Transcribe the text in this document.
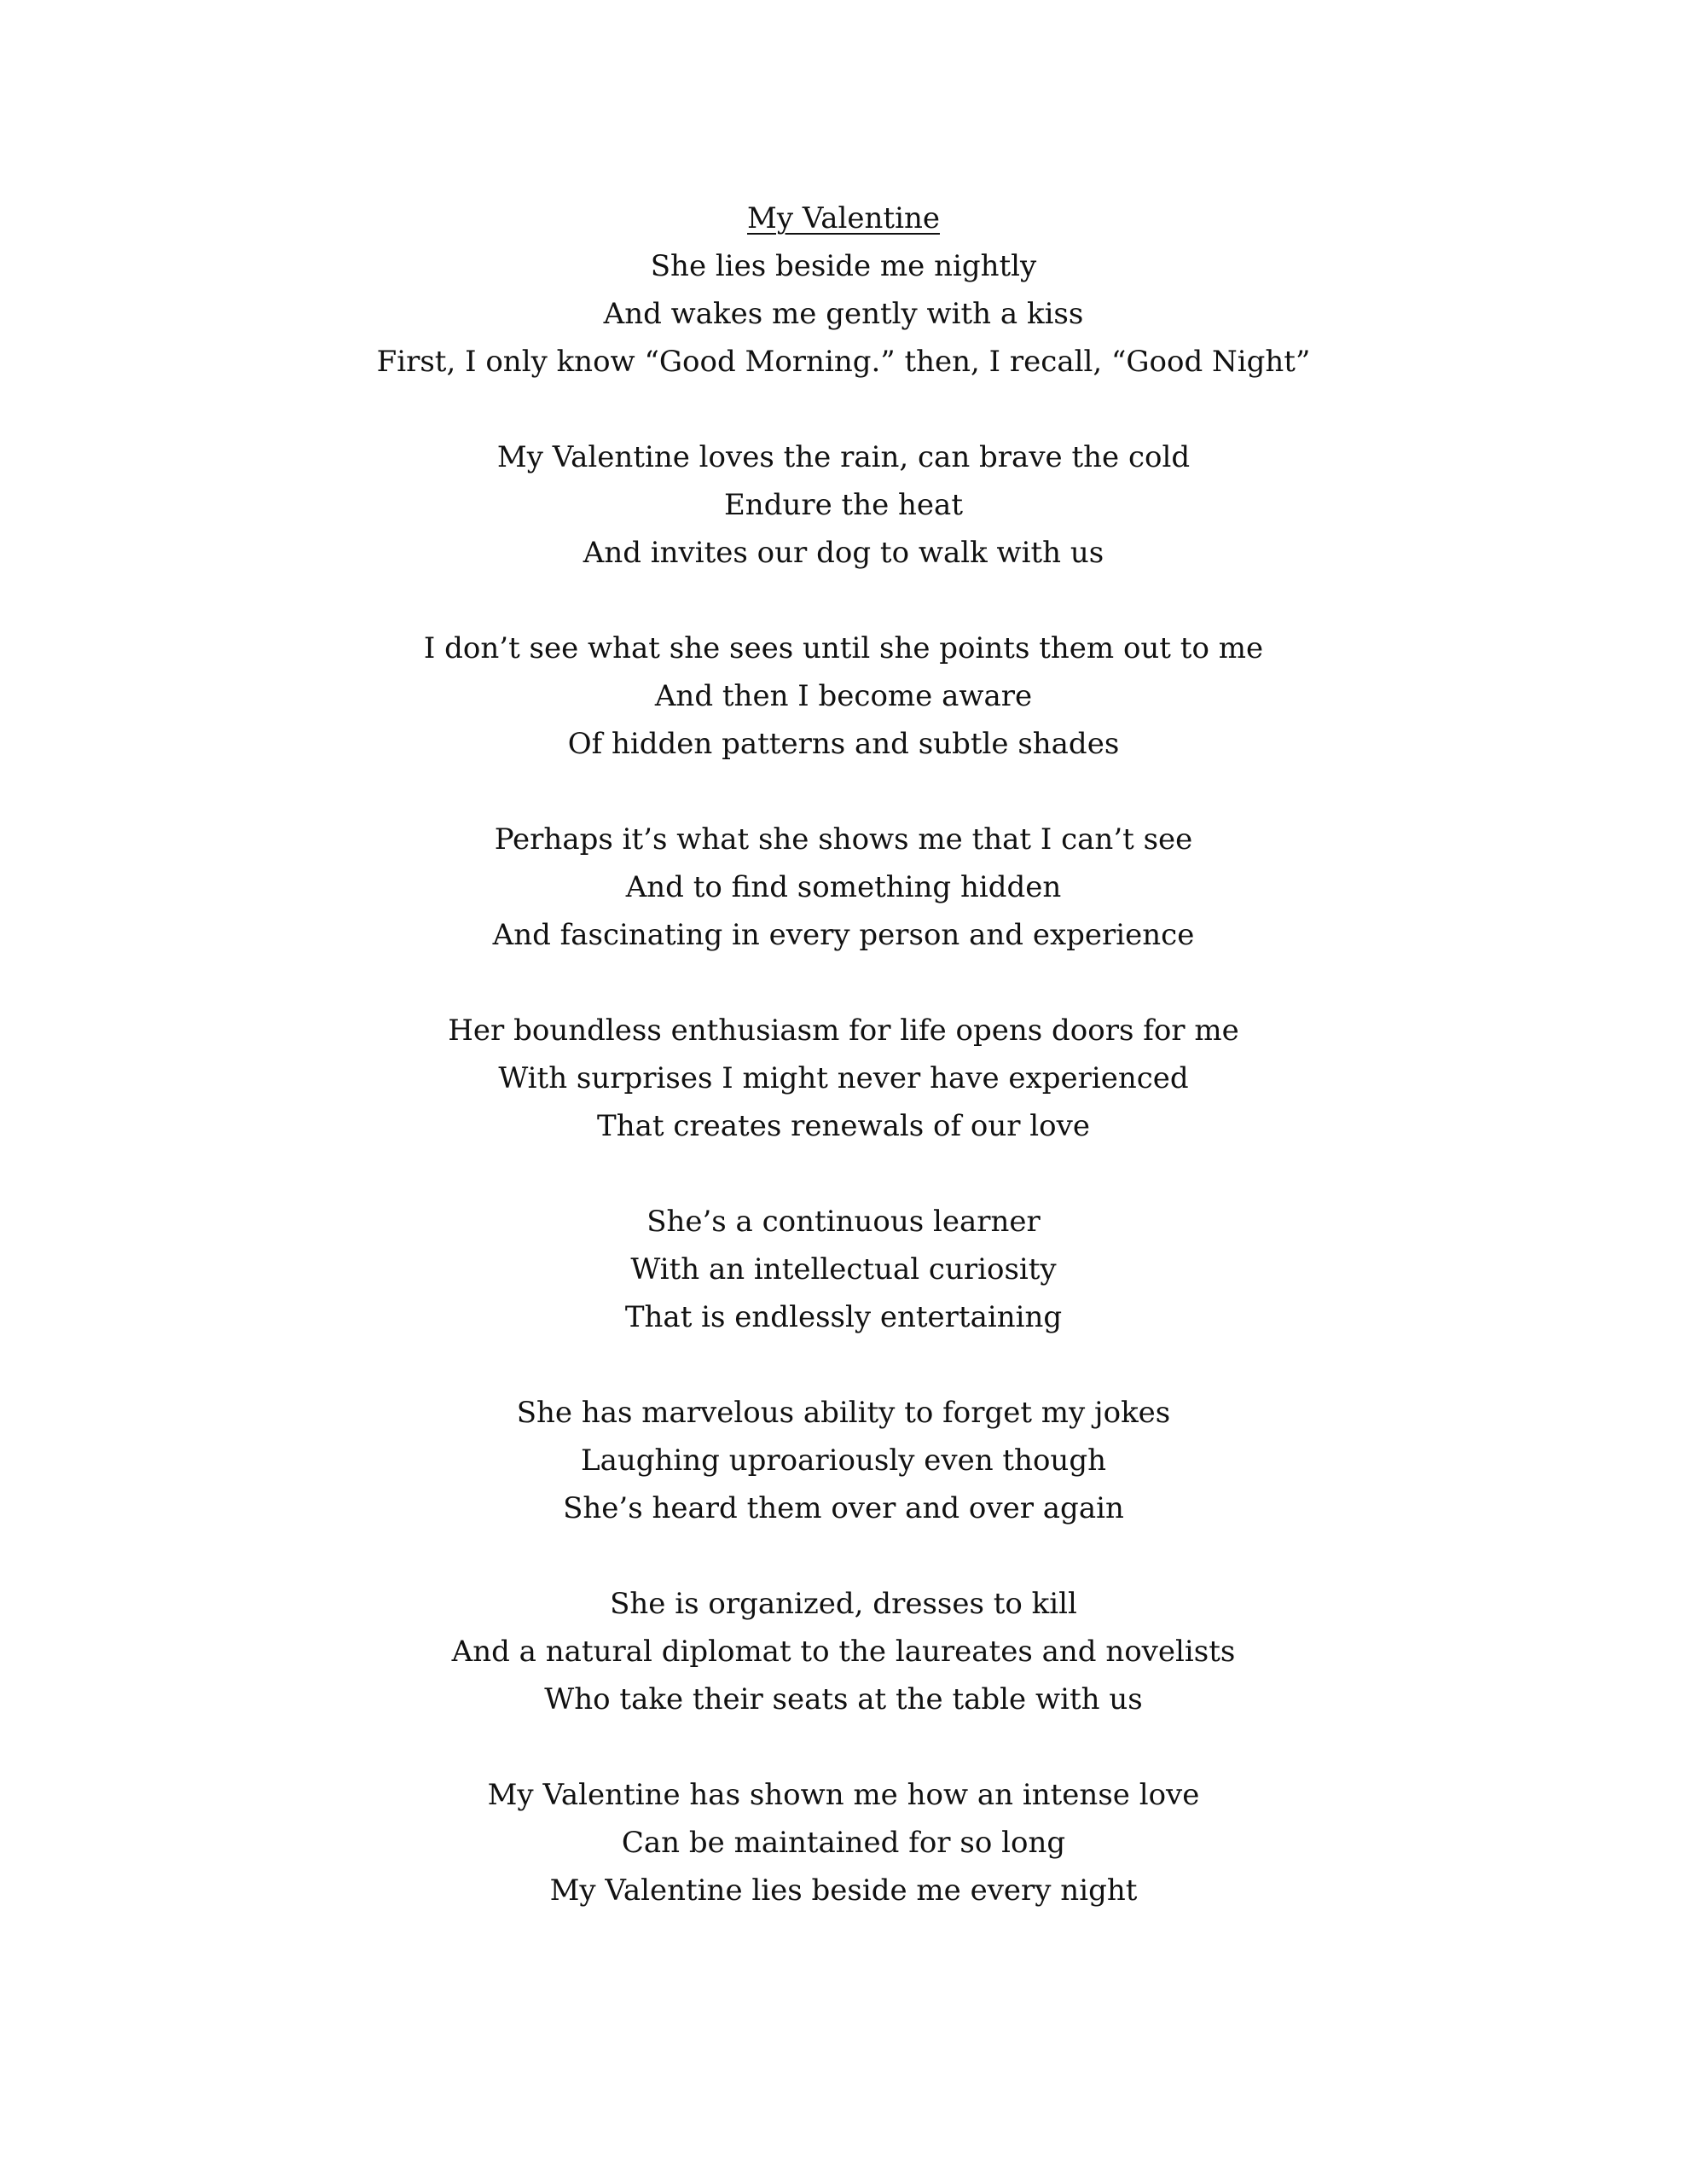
My Valentine
She lies beside me nightly
And wakes me gently with a kiss
First, I only know “Good Morning.” then, I recall, “Good Night”
My Valentine loves the rain, can brave the cold
Endure the heat
And invites our dog to walk with us
I don’t see what she sees until she points them out to me
And then I become aware
Of hidden patterns and subtle shades
Perhaps it’s what she shows me that I can’t see
And to find something hidden
And fascinating in every person and experience
Her boundless enthusiasm for life opens doors for me
With surprises I might never have experienced
That creates renewals of our love
She’s a continuous learner
With an intellectual curiosity
That is endlessly entertaining
She has marvelous ability to forget my jokes
Laughing uproariously even though
She’s heard them over and over again
She is organized, dresses to kill
And a natural diplomat to the laureates and novelists
Who take their seats at the table with us
My Valentine has shown me how an intense love
Can be maintained for so long
My Valentine lies beside me every night
